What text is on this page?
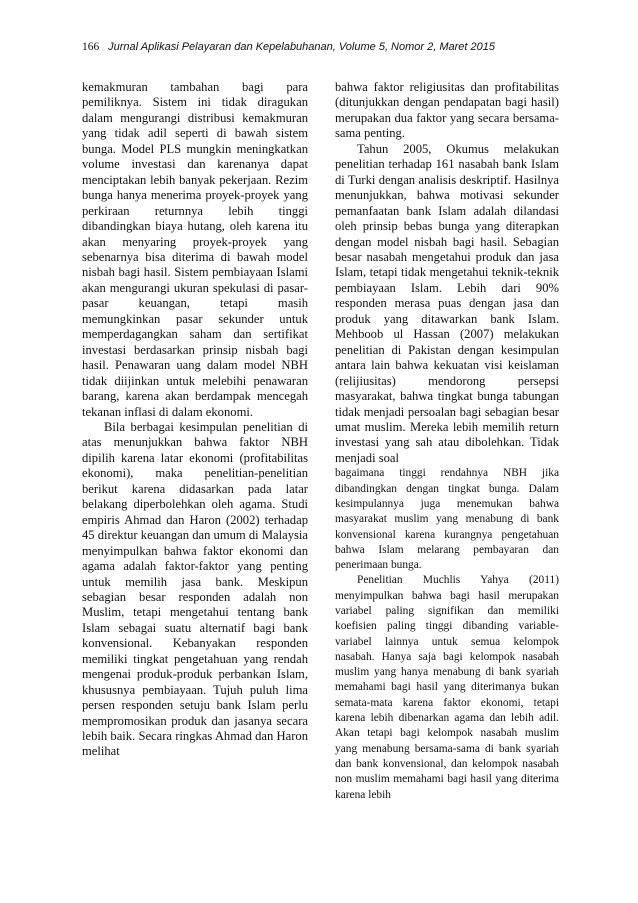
166 Jurnal Aplikasi Pelayaran dan Kepelabuhanan, Volume 5, Nomor 2, Maret 2015

kemakmuran tambahan bagi para pemiliknya. Sistem ini tidak diragukan dalam mengurangi distribusi kemakmuran yang tidak adil seperti di bawah sistem bunga. Model PLS mungkin meningkatkan volume investasi dan karenanya dapat menciptakan lebih banyak pekerjaan. Rezim bunga hanya menerima proyek-proyek yang perkiraan returnnya lebih tinggi dibandingkan biaya hutang, oleh karena itu akan menyaring proyek-proyek yang sebenarnya bisa diterima di bawah model nisbah bagi hasil. Sistem pembiayaan Islami akan mengurangi ukuran spekulasi di pasar-pasar keuangan, tetapi masih memungkinkan pasar sekunder untuk memperdagangkan saham dan sertifikat investasi berdasarkan prinsip nisbah bagi hasil. Penawaran uang dalam model NBH tidak diijinkan untuk melebihi penawaran barang, karena akan berdampak mencegah tekanan inflasi di dalam ekonomi.

Bila berbagai kesimpulan penelitian di atas menunjukkan bahwa faktor NBH dipilih karena latar ekonomi (profitabilitas ekonomi), maka penelitian-penelitian berikut karena didasarkan pada latar belakang diperbolehkan oleh agama. Studi empiris Ahmad dan Haron (2002) terhadap 45 direktur keuangan dan umum di Malaysia menyimpulkan bahwa faktor ekonomi dan agama adalah faktor-faktor yang penting untuk memilih jasa bank. Meskipun sebagian besar responden adalah non Muslim, tetapi mengetahui tentang bank Islam sebagai suatu alternatif bagi bank konvensional. Kebanyakan responden memiliki tingkat pengetahuan yang rendah mengenai produk-produk perbankan Islam, khususnya pembiayaan. Tujuh puluh lima persen responden setuju bank Islam perlu mempromosikan produk dan jasanya secara lebih baik. Secara ringkas Ahmad dan Haron melihat

bahwa faktor religiusitas dan profitabilitas (ditunjukkan dengan pendapatan bagi hasil) merupakan dua faktor yang secara bersama-sama penting.

Tahun 2005, Okumus melakukan penelitian terhadap 161 nasabah bank Islam di Turki dengan analisis deskriptif. Hasilnya menunjukkan, bahwa motivasi sekunder pemanfaatan bank Islam adalah dilandasi oleh prinsip bebas bunga yang diterapkan dengan model nisbah bagi hasil. Sebagian besar nasabah mengetahui produk dan jasa Islam, tetapi tidak mengetahui teknik-teknik pembiayaan Islam. Lebih dari 90% responden merasa puas dengan jasa dan produk yang ditawarkan bank Islam. Mehboob ul Hassan (2007) melakukan penelitian di Pakistan dengan kesimpulan antara lain bahwa kekuatan visi keislaman (relijiusitas) mendorong persepsi masyarakat, bahwa tingkat bunga tabungan tidak menjadi persoalan bagi sebagian besar umat muslim. Mereka lebih memilih return investasi yang sah atau dibolehkan. Tidak menjadi soal

bagaimana tinggi rendahnya NBH jika dibandingkan dengan tingkat bunga. Dalam kesimpulannya juga menemukan bahwa masyarakat muslim yang menabung di bank konvensional karena kurangnya pengetahuan bahwa Islam melarang pembayaran dan penerimaan bunga.

Penelitian Muchlis Yahya (2011) menyimpulkan bahwa bagi hasil merupakan variabel paling signifikan dan memiliki koefisien paling tinggi dibanding variable-variabel lainnya untuk semua kelompok nasabah. Hanya saja bagi kelompok nasabah muslim yang hanya menabung di bank syariah memahami bagi hasil yang diterimanya bukan semata-mata karena faktor ekonomi, tetapi karena lebih dibenarkan agama dan lebih adil. Akan tetapi bagi kelompok nasabah muslim yang menabung bersama-sama di bank syariah dan bank konvensional, dan kelompok nasabah non muslim memahami bagi hasil yang diterima karena lebih
